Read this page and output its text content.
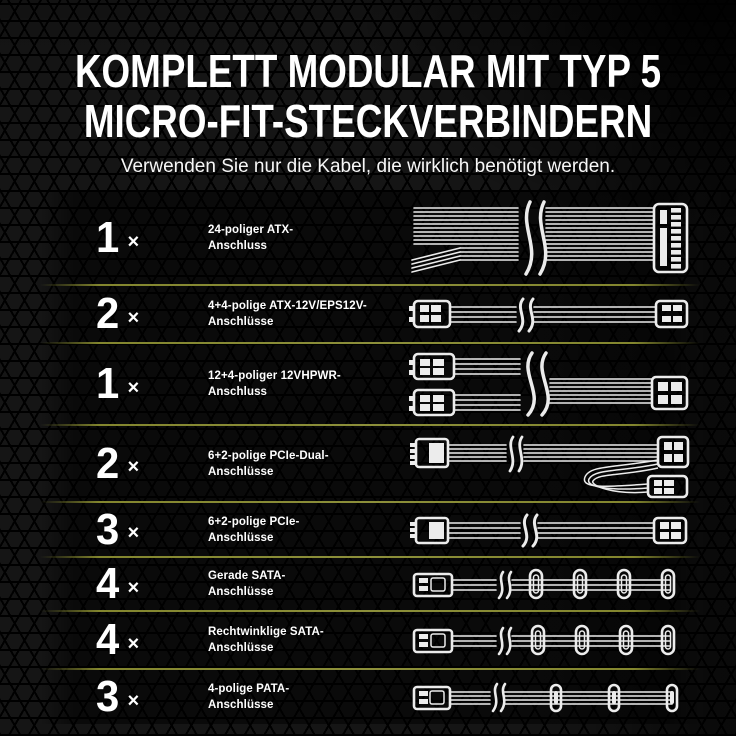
KOMPLETT MODULAR MIT TYP 5
MICRO-FIT-STECKVERBINDERN
Verwenden Sie nur die Kabel, die wirklich benötigt werden.
1 ×
24-poliger ATX-
Anschluss
2 ×
4+4-polige ATX-12V/EPS12V-
Anschlüsse
1 ×
12+4-poliger 12VHPWR-
Anschluss
2 ×
6+2-polige PCIe-Dual-
Anschlüsse
3 ×
6+2-polige PCIe-
Anschlüsse
4 ×
Gerade SATA-
Anschlüsse
4 ×
Rechtwinklige SATA-
Anschlüsse
3 ×
4-polige PATA-
Anschlüsse
